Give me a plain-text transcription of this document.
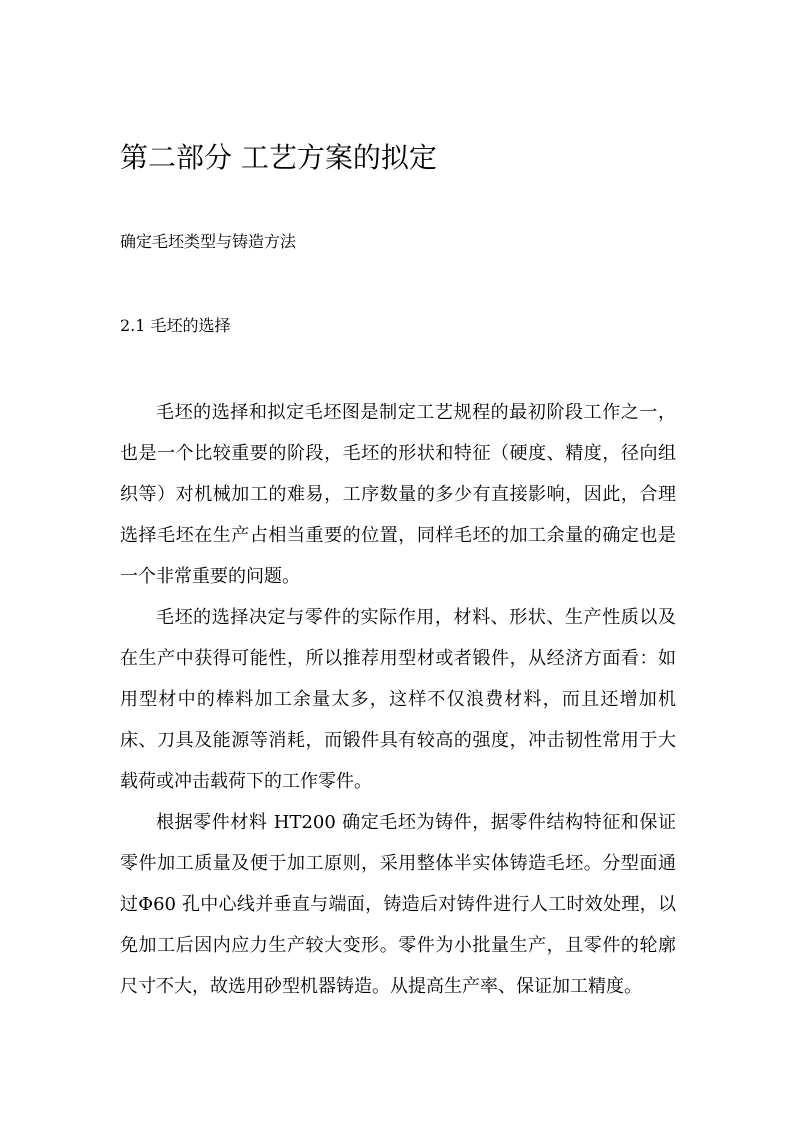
第二部分 工艺方案的拟定
确定毛坯类型与铸造方法
2.1 毛坯的选择

毛坯的选择和拟定毛坯图是制定工艺规程的最初阶段工作之一，也是一个比较重要的阶段，毛坯的形状和特征（硬度、精度，径向组织等）对机械加工的难易，工序数量的多少有直接影响，因此，合理选择毛坯在生产占相当重要的位置，同样毛坯的加工余量的确定也是一个非常重要的问题。

毛坯的选择决定与零件的实际作用，材料、形状、生产性质以及在生产中获得可能性，所以推荐用型材或者锻件，从经济方面看：如用型材中的棒料加工余量太多，这样不仅浪费材料，而且还增加机床、刀具及能源等消耗，而锻件具有较高的强度，冲击韧性常用于大载荷或冲击载荷下的工作零件。

根据零件材料 HT200 确定毛坯为铸件，据零件结构特征和保证零件加工质量及便于加工原则，采用整体半实体铸造毛坯。分型面通过Φ60 孔中心线并垂直与端面，铸造后对铸件进行人工时效处理，以免加工后因内应力生产较大变形。零件为小批量生产，且零件的轮廓尺寸不大，故选用砂型机器铸造。从提高生产率、保证加工精度。
